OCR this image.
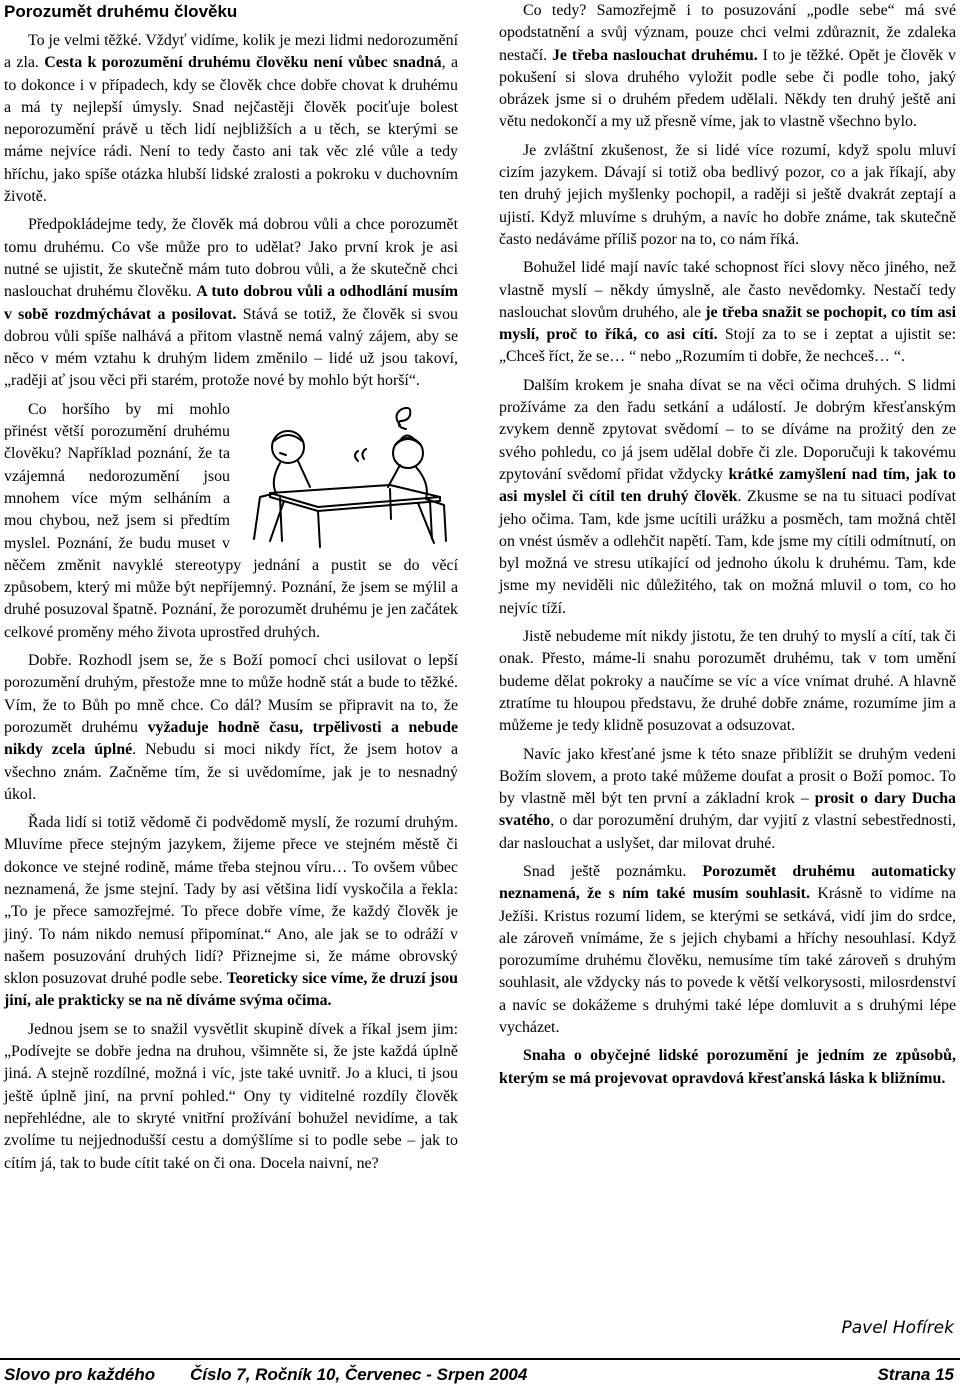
Porozumět druhému člověku

To je velmi těžké. Vždyť vidíme, kolik je mezi lidmi nedorozumění a zla. Cesta k porozumění druhému člověku není vůbec snadná, a to dokonce i v případech, kdy se člověk chce dobře chovat k druhému a má ty nejlepší úmysly. Snad nejčastěji člověk pociťuje bolest neporozumění právě u těch lidí nejbližších a u těch, se kterými se máme nejvíce rádi. Není to tedy často ani tak věc zlé vůle a tedy hříchu, jako spíše otázka hlubší lidské zralosti a pokroku v duchovním životě.

Předpokládejme tedy, že člověk má dobrou vůli a chce porozumět tomu druhému. Co vše může pro to udělat? Jako první krok je asi nutné se ujistit, že skutečně mám tuto dobrou vůli, a že skutečně chci naslouchat druhému člověku. A tuto dobrou vůli a odhodlání musím v sobě rozdmýchávat a posilovat. Stává se totiž, že člověk si svou dobrou vůli spíše nalhává a přitom vlastně nemá valný zájem, aby se něco v mém vztahu k druhým lidem změnilo – lidé už jsou takoví, „raději ať jsou věci při starém, protože nové by mohlo být horší“.

Co horšího by mi mohlo přinést větší porozumění druhému člověku? Například poznání, že ta vzájemná nedorozumění jsou mnohem více mým selháním a mou chybou, než jsem si předtím myslel. Poznání, že budu muset v něčem změnit navyklé stereotypy jednání a pustit se do věcí způsobem, který mi může být nepříjemný. Poznání, že jsem se mýlil a druhé posuzoval špatně. Poznání, že porozumět druhému je jen začátek celkové proměny mého života uprostřed druhých.

Dobře. Rozhodl jsem se, že s Boží pomocí chci usilovat o lepší porozumění druhým, přestože mne to může hodně stát a bude to těžké. Vím, že to Bůh po mně chce. Co dál? Musím se připravit na to, že porozumět druhému vyžaduje hodně času, trpělivosti a nebude nikdy zcela úplné. Nebudu si moci nikdy říct, že jsem hotov a všechno znám. Začněme tím, že si uvědomíme, jak je to nesnadný úkol.

Řada lidí si totiž vědomě či podvědomě myslí, že rozumí druhým. Mluvíme přece stejným jazykem, žijeme přece ve stejném městě či dokonce ve stejné rodině, máme třeba stejnou víru… To ovšem vůbec neznamená, že jsme stejní. Tady by asi většina lidí vyskočila a řekla: „To je přece samozřejmé. To přece dobře víme, že každý člověk je jiný. To nám nikdo nemusí připomínat.“ Ano, ale jak se to odráží v našem posuzování druhých lidí? Přiznejme si, že máme obrovský sklon posuzovat druhé podle sebe. Teoreticky sice víme, že druzí jsou jiní, ale prakticky se na ně díváme svýma očima.

Jednou jsem se to snažil vysvětlit skupině dívek a říkal jsem jim: „Podívejte se dobře jedna na druhou, všimněte si, že jste každá úplně jiná. A stejně rozdílné, možná i víc, jste také uvnitř. Jo a kluci, ti jsou ještě úplně jiní, na první pohled.“ Ony ty viditelné rozdíly člověk nepřehlédne, ale to skryté vnitřní prožívání bohužel nevidíme, a tak zvolíme tu nejjednodušší cestu a domýšlíme si to podle sebe – jak to cítím já, tak to bude cítit také on či ona. Docela naivní, ne?

Co tedy? Samozřejmě i to posuzování „podle sebe“ má své opodstatnění a svůj význam, pouze chci velmi zdůraznit, že zdaleka nestačí. Je třeba naslouchat druhému. I to je těžké. Opět je člověk v pokušení si slova druhého vyložit podle sebe či podle toho, jaký obrázek jsme si o druhém předem udělali. Někdy ten druhý ještě ani větu nedokončí a my už přesně víme, jak to vlastně všechno bylo.

Je zvláštní zkušenost, že si lidé více rozumí, když spolu mluví cizím jazykem. Dávají si totiž oba bedlivý pozor, co a jak říkají, aby ten druhý jejich myšlenky pochopil, a raději si ještě dvakrát zeptají a ujistí. Když mluvíme s druhým, a navíc ho dobře známe, tak skutečně často nedáváme příliš pozor na to, co nám říká.

Bohužel lidé mají navíc také schopnost říci slovy něco jiného, než vlastně myslí – někdy úmyslně, ale často nevědomky. Nestačí tedy naslouchat slovům druhého, ale je třeba snažit se pochopit, co tím asi myslí, proč to říká, co asi cítí. Stojí za to se i zeptat a ujistit se: „Chceš říct, že se… “ nebo „Rozumím ti dobře, že nechceš… “.

Dalším krokem je snaha dívat se na věci očima druhých. S lidmi prožíváme za den řadu setkání a událostí. Je dobrým křesťanským zvykem denně zpytovat svědomí – to se díváme na prožitý den ze svého pohledu, co já jsem udělal dobře či zle. Doporučuji k takovému zpytování svědomí přidat vždycky krátké zamyšlení nad tím, jak to asi myslel či cítil ten druhý člověk. Zkusme se na tu situaci podívat jeho očima. Tam, kde jsme ucítili urážku a posměch, tam možná chtěl on vnést úsměv a odlehčit napětí. Tam, kde jsme my cítili odmítnutí, on byl možná ve stresu utíkající od jednoho úkolu k druhému. Tam, kde jsme my neviděli nic důležitého, tak on možná mluvil o tom, co ho nejvíc tíží.

Jistě nebudeme mít nikdy jistotu, že ten druhý to myslí a cítí, tak či onak. Přesto, máme-li snahu porozumět druhému, tak v tom umění budeme dělat pokroky a naučíme se víc a více vnímat druhé. A hlavně ztratíme tu hloupou představu, že druhé dobře známe, rozumíme jim a můžeme je tedy klidně posuzovat a odsuzovat.

Navíc jako křesťané jsme k této snaze přiblížit se druhým vedeni Božím slovem, a proto také můžeme doufat a prosit o Boží pomoc. To by vlastně měl být ten první a základní krok – prosit o dary Ducha svatého, o dar porozumění druhým, dar vyjití z vlastní sebestřednosti, dar naslouchat a uslyšet, dar milovat druhé.

Snad ještě poznámku. Porozumět druhému automaticky neznamená, že s ním také musím souhlasit. Krásně to vidíme na Ježíši. Kristus rozumí lidem, se kterými se setkává, vidí jim do srdce, ale zároveň vnímáme, že s jejich chybami a hříchy nesouhlasí. Když porozumíme druhému člověku, nemusíme tím také zároveň s druhým souhlasit, ale vždycky nás to povede k větší velkorysosti, milosrdenství a navíc se dokážeme s druhými také lépe domluvit a s druhými lépe vycházet.

Snaha o obyčejné lidské porozumění je jedním ze způsobů, kterým se má projevovat opravdová křesťanská láska k bližnímu.

Pavel Hofírek
Slovo pro každého Číslo 7, Ročník 10, Červenec - Srpen 2004	Strana 15
